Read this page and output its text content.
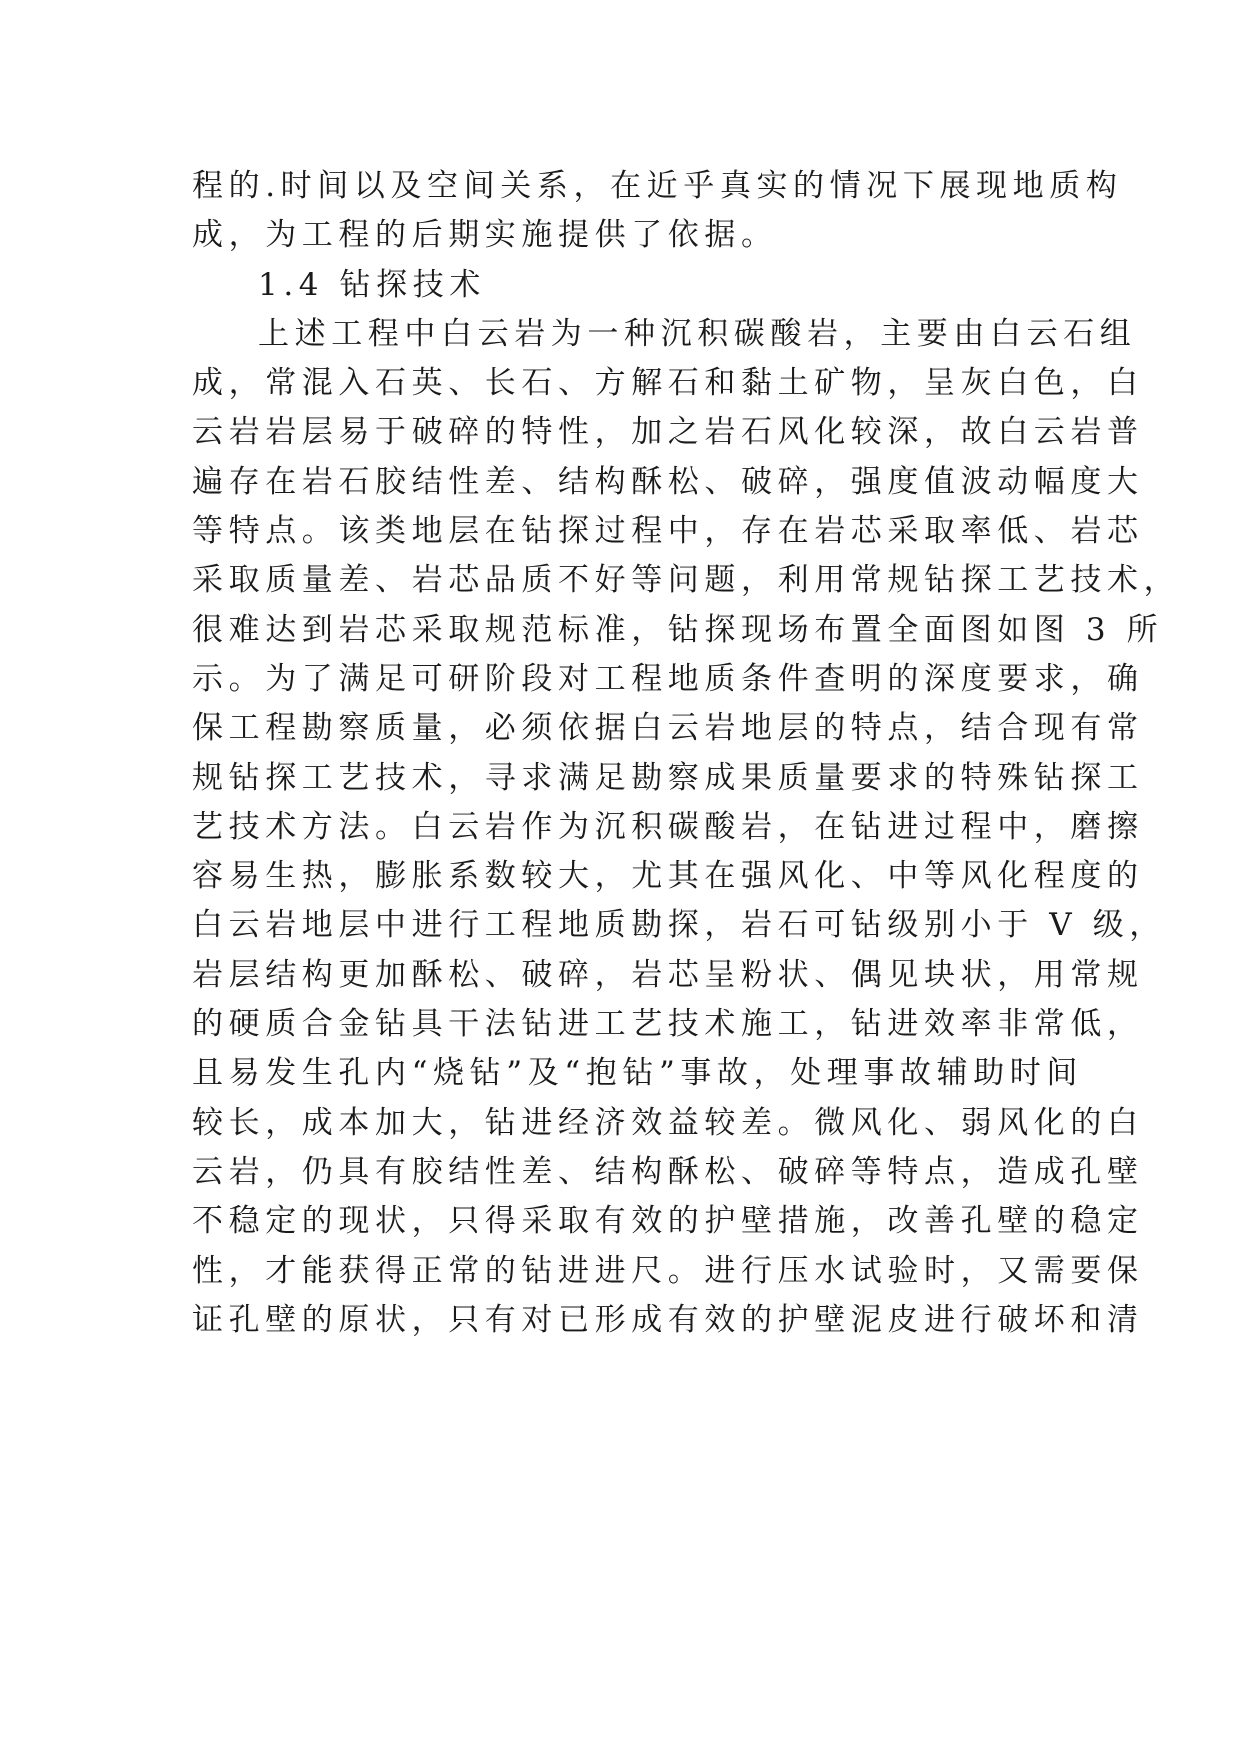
程的.时间以及空间关系，在近乎真实的情况下展现地质构
成，为工程的后期实施提供了依据。
1.4 钻探技术
上述工程中白云岩为一种沉积碳酸岩，主要由白云石组
成，常混入石英、长石、方解石和黏土矿物，呈灰白色，白
云岩岩层易于破碎的特性，加之岩石风化较深，故白云岩普
遍存在岩石胶结性差、结构酥松、破碎，强度值波动幅度大
等特点。该类地层在钻探过程中，存在岩芯采取率低、岩芯
采取质量差、岩芯品质不好等问题，利用常规钻探工艺技术，
很难达到岩芯采取规范标准，钻探现场布置全面图如图 3 所
示。为了满足可研阶段对工程地质条件查明的深度要求，确
保工程勘察质量，必须依据白云岩地层的特点，结合现有常
规钻探工艺技术，寻求满足勘察成果质量要求的特殊钻探工
艺技术方法。白云岩作为沉积碳酸岩，在钻进过程中，磨擦
容易生热，膨胀系数较大，尤其在强风化、中等风化程度的
白云岩地层中进行工程地质勘探，岩石可钻级别小于 V 级，
岩层结构更加酥松、破碎，岩芯呈粉状、偶见块状，用常规
的硬质合金钻具干法钻进工艺技术施工，钻进效率非常低，
且易发生孔内“烧钻”及“抱钻”事故，处理事故辅助时间
较长，成本加大，钻进经济效益较差。微风化、弱风化的白
云岩，仍具有胶结性差、结构酥松、破碎等特点，造成孔壁
不稳定的现状，只得采取有效的护壁措施，改善孔壁的稳定
性，才能获得正常的钻进进尺。进行压水试验时，又需要保
证孔壁的原状，只有对已形成有效的护壁泥皮进行破坏和清
